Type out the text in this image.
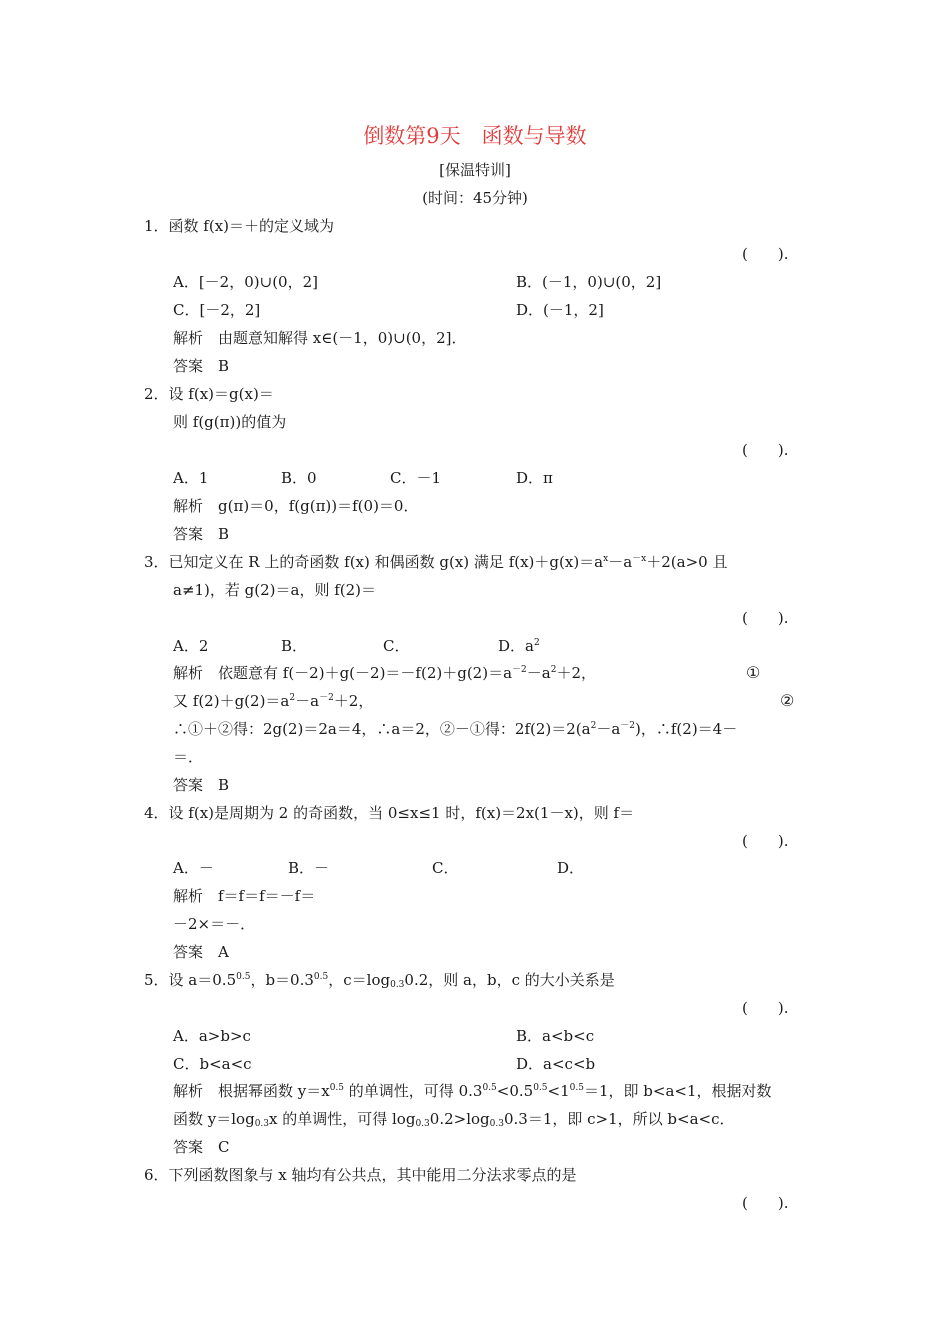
倒数第9天　函数与导数
[保温特训]
(时间：45分钟)
1．函数 f(x)＝＋的定义域为
(　　).
A．[－2，0)∪(0，2]	B．(－1，0)∪(0，2]
C．[－2，2]	D．(－1，2]
解析　由题意知解得 x∈(－1，0)∪(0，2]．
答案　B
2．设 f(x)＝g(x)＝
则 f(g(π))的值为
(　　).
A．1	B．0	C．－1	D．π
解析　g(π)＝0，f(g(π))＝f(0)＝0．
答案　B
3．已知定义在 R 上的奇函数 f(x) 和偶函数 g(x) 满足 $f(x)+g(x)=a^x-a^{-x}+2(a>0$ 且
a≠1)，若 g(2)＝a，则 f(2)＝
(　　).
A．2	B．	C．	D．$a^2$
解析　依题意有 $f(-2)+g(-2)=-f(2)+g(2)=a^{-2}-a^2+2$，	①
又 $f(2)+g(2)=a^2-a^{-2}+2$，	②
∴①＋②得：2g(2)＝2a＝4，∴a＝2，②－①得：$2f(2)=2(a^2-a^{-2})$，∴f(2)＝4－
＝．
答案　B
4．设 f(x)是周期为 2 的奇函数，当 0≤x≤1 时，f(x)＝2x(1－x)，则 f＝
(　　).
A．－	B．－	C．	D．
解析　f＝f＝f＝－f＝
－2×＝－．
答案　A
5．设 $a=0.5^{0.5}$，$b=0.3^{0.5}$，$c=\log_{0.3}0.2$，则 a，b，c 的大小关系是
(　　).
A．a>b>c	B．a<b<c
C．b<a<c	D．a<c<b
解析　根据幂函数 $y=x^{0.5}$ 的单调性，可得 $0.3^{0.5}<0.5^{0.5}<1^{0.5}=1$，即 b<a<1，根据对数
函数 $y=\log_{0.3}x$ 的单调性，可得 $\log_{0.3}0.2>\log_{0.3}0.3=1$，即 c>1，所以 b<a<c．
答案　C
6．下列函数图象与 x 轴均有公共点，其中能用二分法求零点的是
(　　).
